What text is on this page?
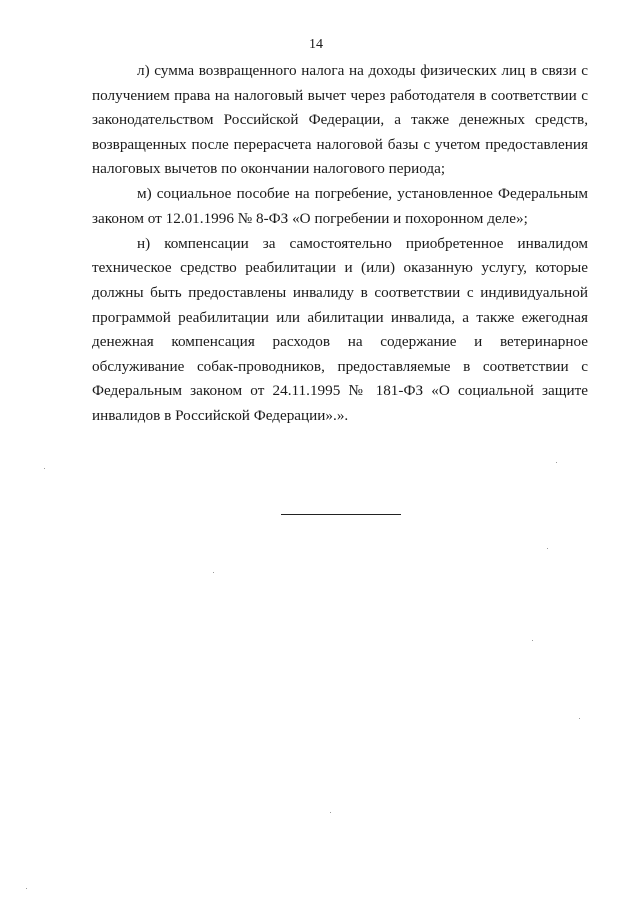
14

л) сумма возвращенного налога на доходы физических лиц в связи с получением права на налоговый вычет через работодателя в соответствии с законодательством Российской Федерации, а также денежных средств, возвращенных после перерасчета налоговой базы с учетом предоставления налоговых вычетов по окончании налогового периода;

м) социальное пособие на погребение, установленное Федеральным законом от 12.01.1996 № 8-ФЗ «О погребении и похоронном деле»;

н) компенсации за самостоятельно приобретенное инвалидом техническое средство реабилитации и (или) оказанную услугу, которые должны быть предоставлены инвалиду в соответствии с индивидуальной программой реабилитации или абилитации инвалида, а также ежегодная денежная компенсация расходов на содержание и ветеринарное обслуживание собак-проводников, предоставляемые в соответствии с Федеральным законом от 24.11.1995 № 181-ФЗ «О социальной защите инвалидов в Российской Федерации».».
